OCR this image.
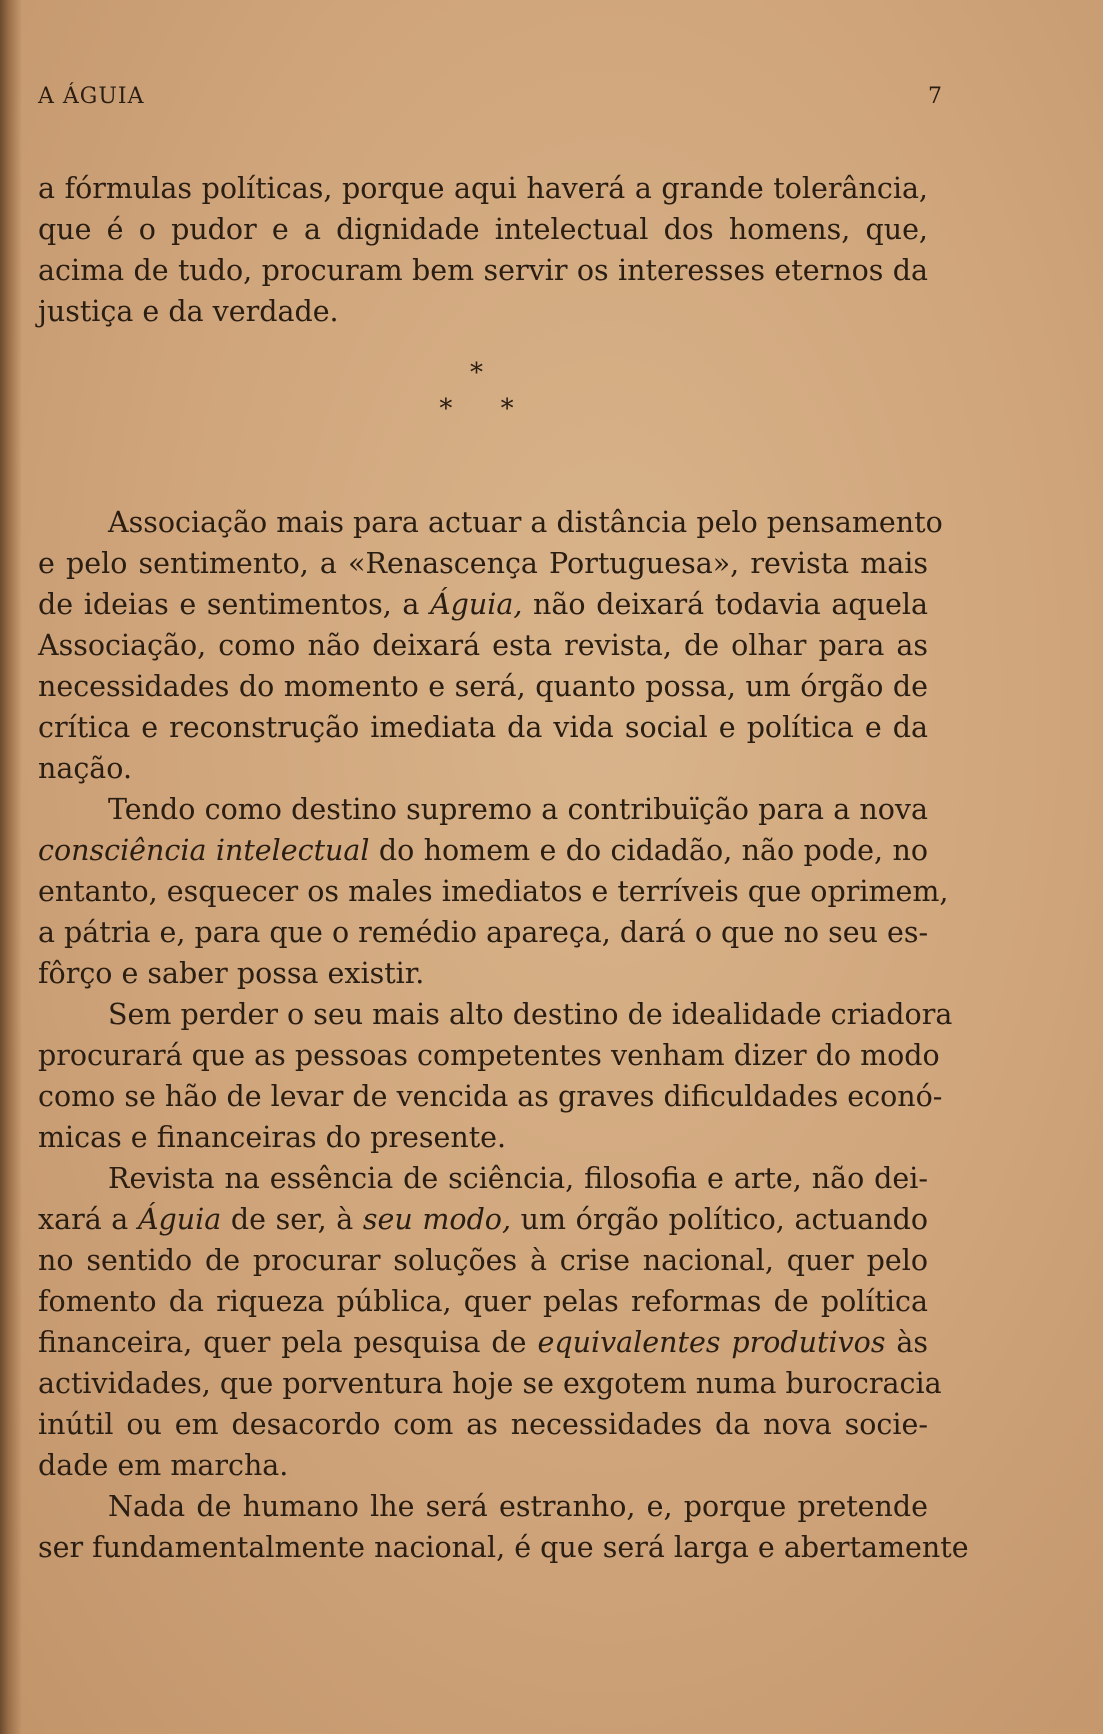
A ÁGUIA	7
a fórmulas políticas, porque aqui haverá a grande tolerância,
que é o pudor e a dignidade intelectual dos homens, que,
acima de tudo, procuram bem servir os interesses eternos da
justiça e da verdade.
*
* *
Associação mais para actuar a distância pelo pensamento
e pelo sentimento, a «Renascença Portuguesa», revista mais
de ideias e sentimentos, a Águia, não deixará todavia aquela
Associação, como não deixará esta revista, de olhar para as
necessidades do momento e será, quanto possa, um órgão de
crítica e reconstrução imediata da vida social e política e da
nação.
Tendo como destino supremo a contribuïção para a nova
consciência intelectual do homem e do cidadão, não pode, no
entanto, esquecer os males imediatos e terríveis que oprimem,
a pátria e, para que o remédio apareça, dará o que no seu es-
fôrço e saber possa existir.
Sem perder o seu mais alto destino de idealidade criadora
procurará que as pessoas competentes venham dizer do modo
como se hão de levar de vencida as graves dificuldades econó-
micas e financeiras do presente.
Revista na essência de sciência, filosofia e arte, não dei-
xará a Águia de ser, à seu modo, um órgão político, actuando
no sentido de procurar soluções à crise nacional, quer pelo
fomento da riqueza pública, quer pelas reformas de política
financeira, quer pela pesquisa de equivalentes produtivos às
actividades, que porventura hoje se exgotem numa burocracia
inútil ou em desacordo com as necessidades da nova socie-
dade em marcha.
Nada de humano lhe será estranho, e, porque pretende
ser fundamentalmente nacional, é que será larga e abertamente
